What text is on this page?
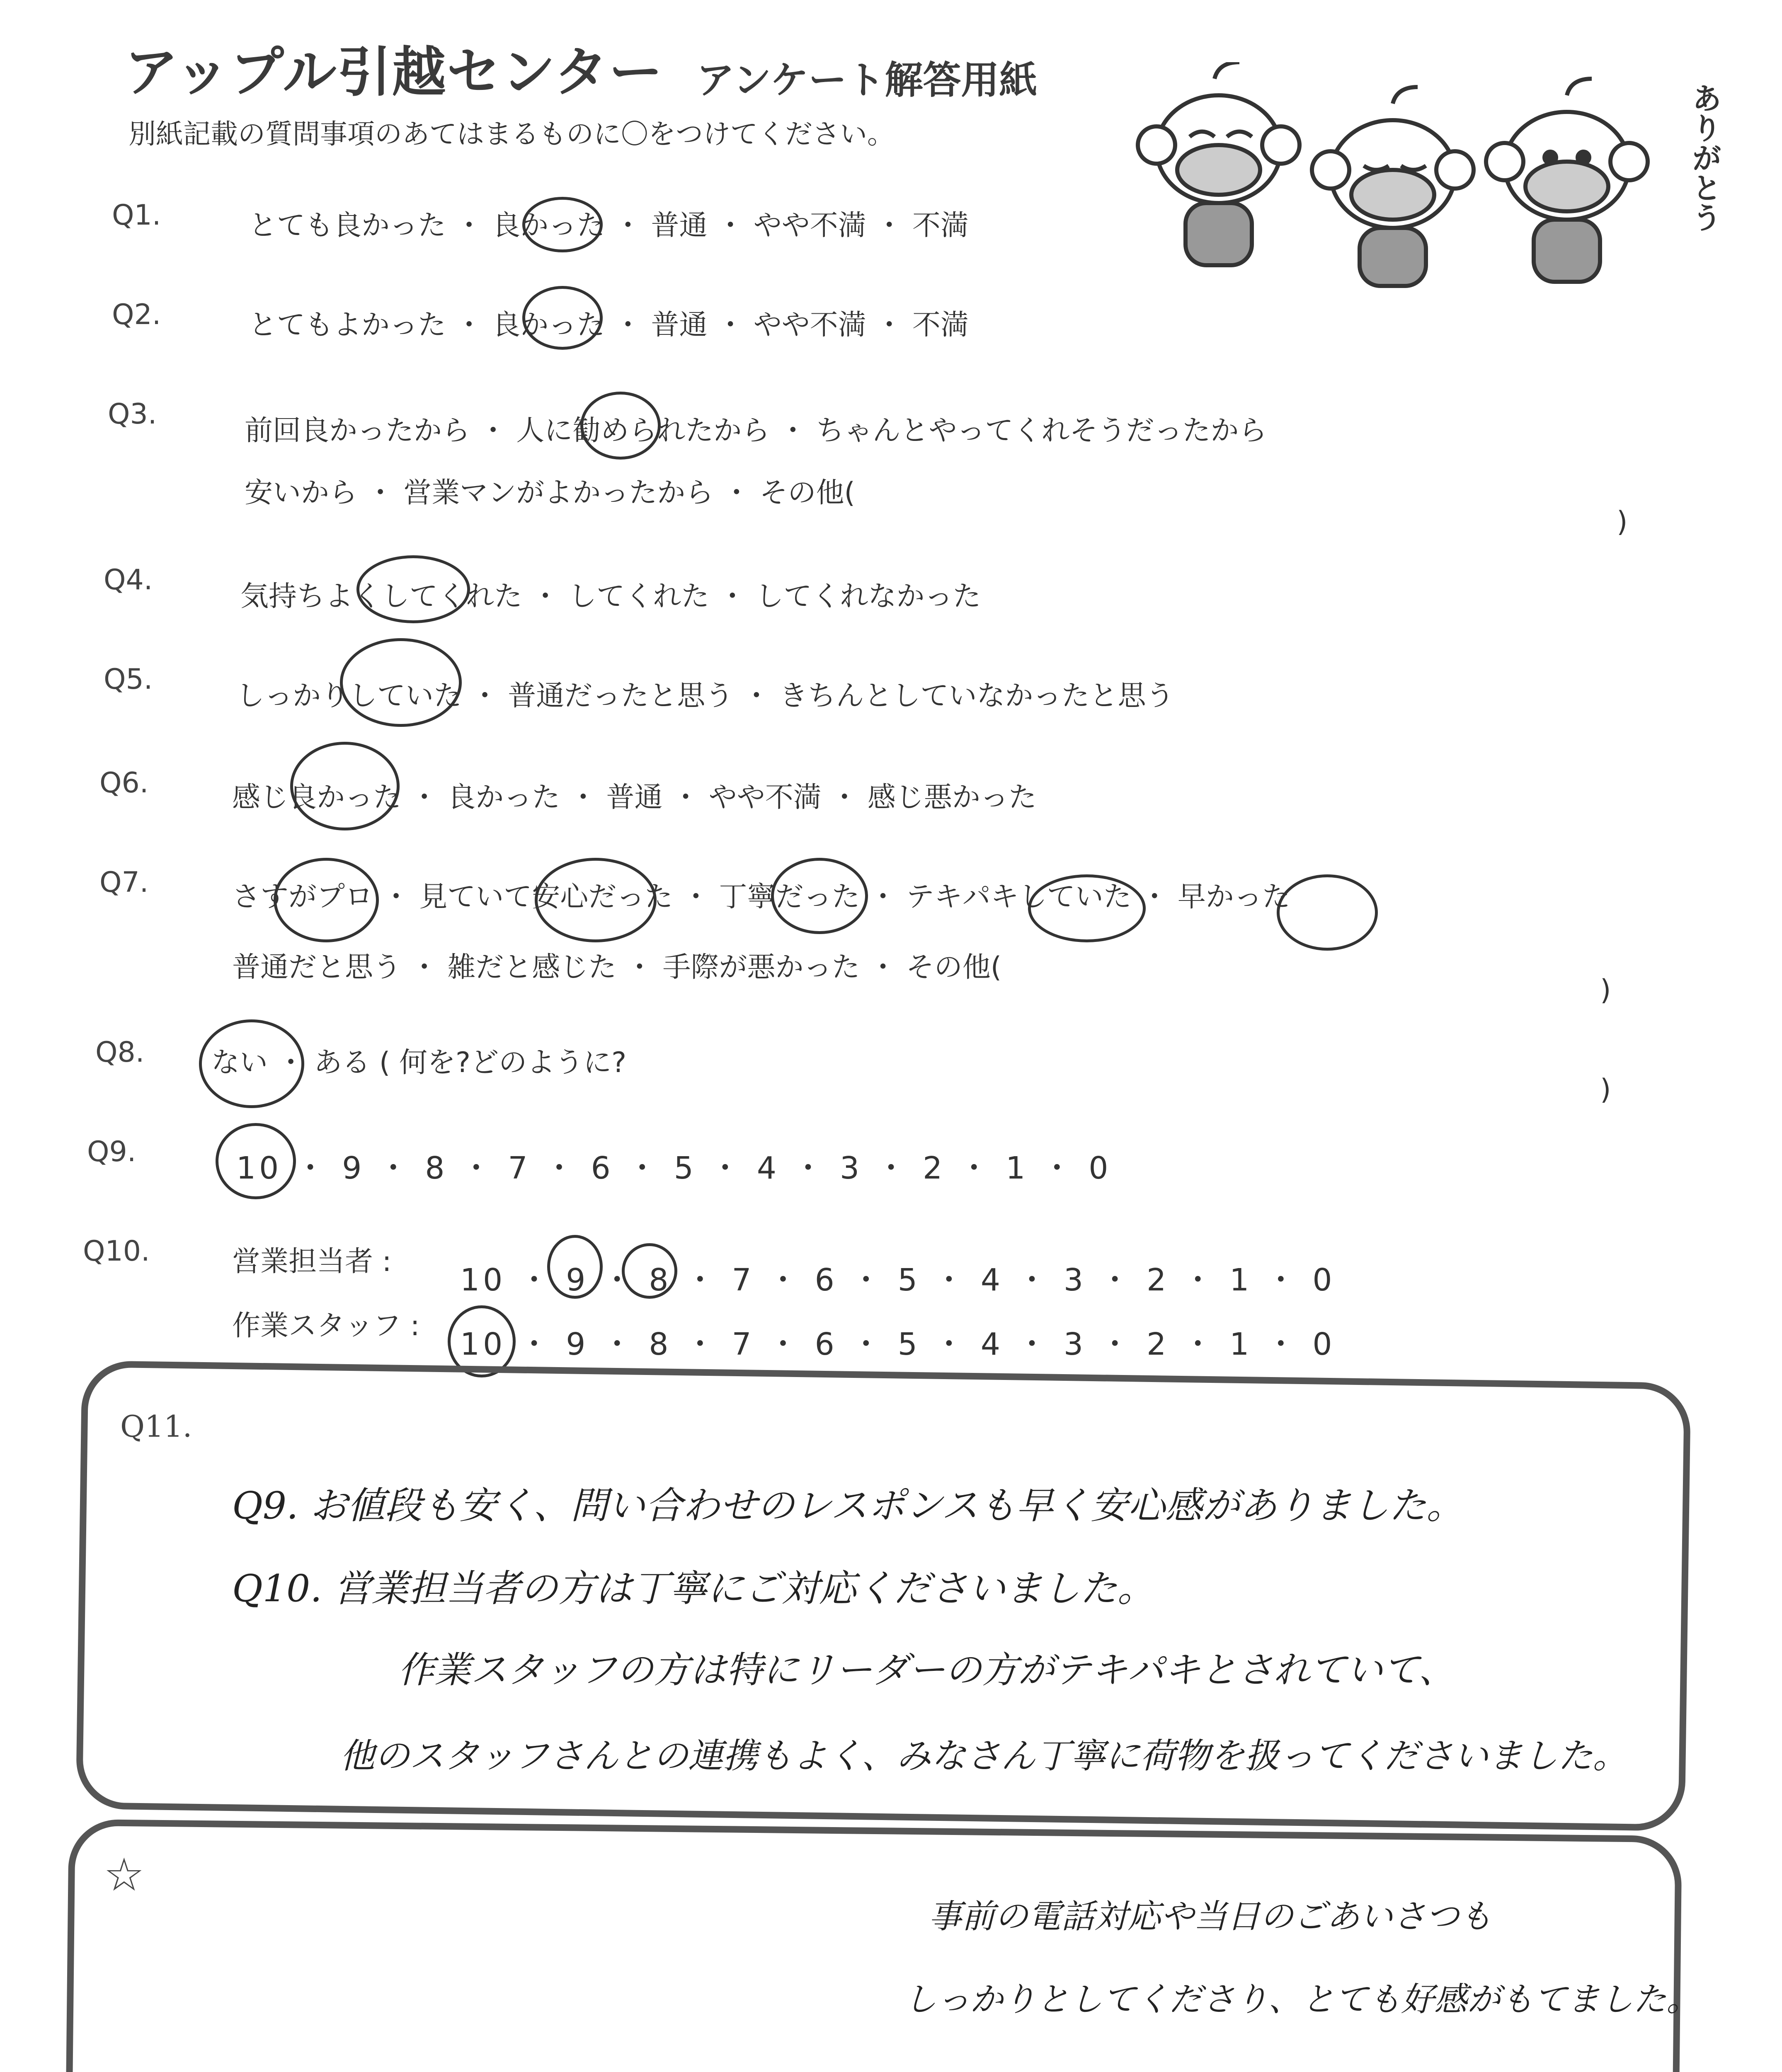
アップル引越センター アンケート解答用紙
別紙記載の質問事項のあてはまるものに〇をつけてください。	ありがとう
Q1.	とても良かった ・ 良かった ・ 普通 ・ やや不満 ・ 不満
Q2.	とてもよかった ・ 良かった ・ 普通 ・ やや不満 ・ 不満
Q3.
前回良かったから ・ 人に勧められたから ・ ちゃんとやってくれそうだったから
安いから ・ 営業マンがよかったから ・ その他(
)
Q4.
気持ちよくしてくれた ・ してくれた ・ してくれなかった
Q5.
しっかりしていた ・ 普通だったと思う ・ きちんとしていなかったと思う
Q6.	感じ良かった ・ 良かった ・ 普通 ・ やや不満 ・ 感じ悪かった
Q7.	さすがプロ ・ 見ていて安心だった ・ 丁寧だった ・ テキパキしていた ・ 早かった
普通だと思う ・ 雑だと感じた ・ 手際が悪かった ・ その他(
)
Q8. ない ・ ある ( 何を?どのように?
)
Q9.	10 ・ 9 ・ 8 ・ 7 ・ 6 ・ 5 ・ 4 ・ 3 ・ 2 ・ 1 ・ 0
Q10.	営業担当者 :
10 ・ 9 ・ 8 ・ 7 ・ 6 ・ 5 ・ 4 ・ 3 ・ 2 ・ 1 ・ 0
作業スタッフ :
10 ・ 9 ・ 8 ・ 7 ・ 6 ・ 5 ・ 4 ・ 3 ・ 2 ・ 1 ・ 0
Q11.
Q9. お値段も安く、問い合わせのレスポンスも早く安心感がありました。
Q10. 営業担当者の方は丁寧にご対応くださいました。
作業スタッフの方は特にリーダーの方がテキパキとされていて、
他のスタッフさんとの連携もよく、みなさん丁寧に荷物を扱ってくださいました。
☆
事前の電話対応や当日のごあいさつも
しっかりとしてくださり、とても好感がもてました。
